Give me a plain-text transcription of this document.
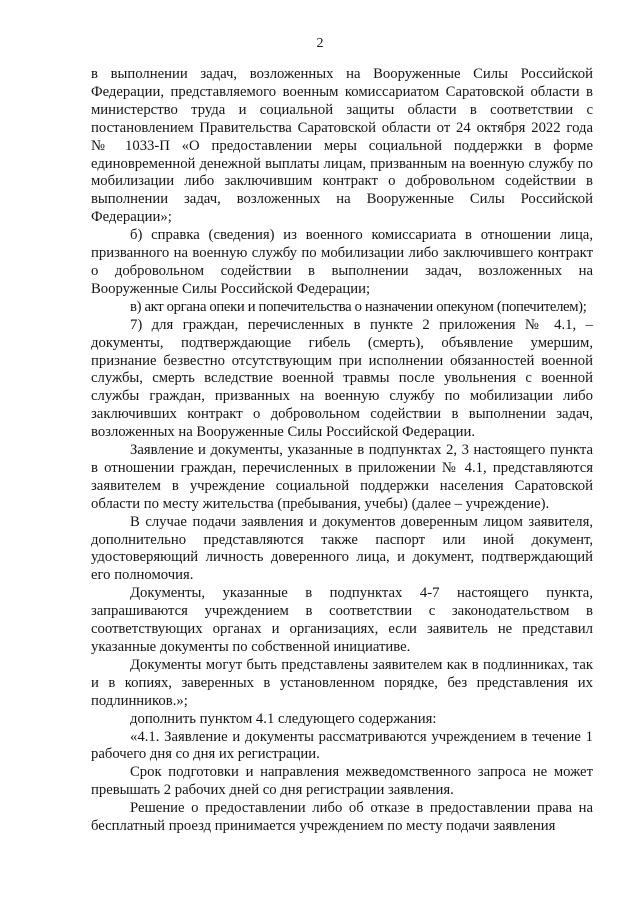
2

в выполнении задач, возложенных на Вооруженные Силы Российской Федерации, представляемого военным комиссариатом Саратовской области в министерство труда и социальной защиты области в соответствии с постановлением Правительства Саратовской области от 24 октября 2022 года № 1033-П «О предоставлении меры социальной поддержки в форме единовременной денежной выплаты лицам, призванным на военную службу по мобилизации либо заключившим контракт о добровольном содействии в выполнении задач, возложенных на Вооруженные Силы Российской Федерации»;

б) справка (сведения) из военного комиссариата в отношении лица, призванного на военную службу по мобилизации либо заключившего контракт о добровольном содействии в выполнении задач, возложенных на Вооруженные Силы Российской Федерации;

в) акт органа опеки и попечительства о назначении опекуном (попечителем);

7) для граждан, перечисленных в пункте 2 приложения № 4.1, – документы, подтверждающие гибель (смерть), объявление умершим, признание безвестно отсутствующим при исполнении обязанностей военной службы, смерть вследствие военной травмы после увольнения с военной службы граждан, призванных на военную службу по мобилизации либо заключивших контракт о добровольном содействии в выполнении задач, возложенных на Вооруженные Силы Российской Федерации.

Заявление и документы, указанные в подпунктах 2, 3 настоящего пункта в отношении граждан, перечисленных в приложении № 4.1, представляются заявителем в учреждение социальной поддержки населения Саратовской области по месту жительства (пребывания, учебы) (далее – учреждение).

В случае подачи заявления и документов доверенным лицом заявителя, дополнительно представляются также паспорт или иной документ, удостоверяющий личность доверенного лица, и документ, подтверждающий его полномочия.

Документы, указанные в подпунктах 4-7 настоящего пункта, запрашиваются учреждением в соответствии с законодательством в соответствующих органах и организациях, если заявитель не представил указанные документы по собственной инициативе.

Документы могут быть представлены заявителем как в подлинниках, так и в копиях, заверенных в установленном порядке, без представления их подлинников.»;

дополнить пунктом 4.1 следующего содержания:

«4.1. Заявление и документы рассматриваются учреждением в течение 1 рабочего дня со дня их регистрации.

Срок подготовки и направления межведомственного запроса не может превышать 2 рабочих дней со дня регистрации заявления.

Решение о предоставлении либо об отказе в предоставлении права на бесплатный проезд принимается учреждением по месту подачи заявления
